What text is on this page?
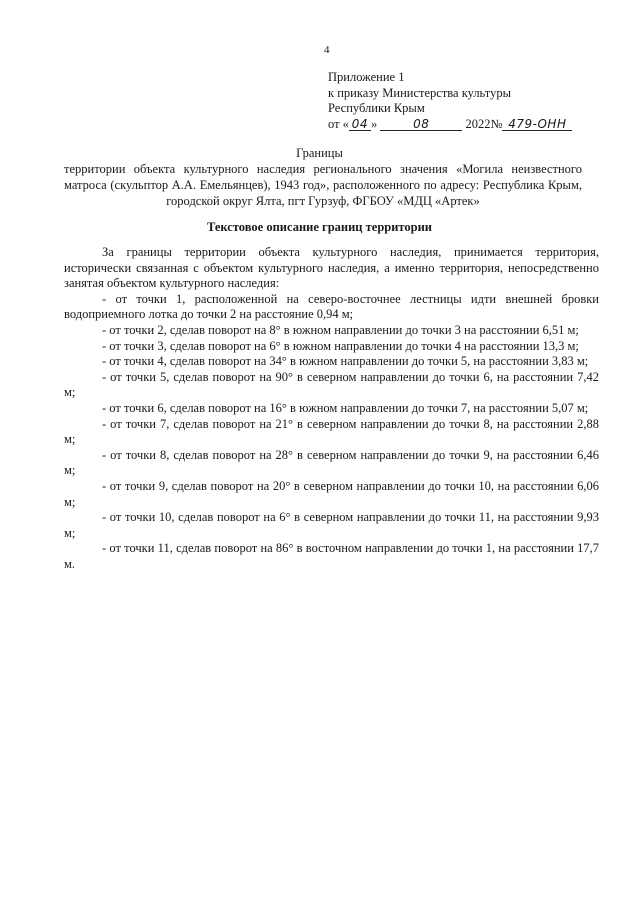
4
Приложение 1
к приказу Министерства культуры
Республики Крым
от « 04 »	08	2022№ 479-ОНН
Границы
территории объекта культурного наследия регионального значения «Могила неизвестного матроса (скульптор А.А. Емельянцев), 1943 год», расположенного по адресу: Республика Крым, городской округ Ялта, пгт Гурзуф, ФГБОУ «МДЦ «Артек»
Текстовое описание границ территории

За границы территории объекта культурного наследия, принимается территория, исторически связанная с объектом культурного наследия, а именно территория, непосредственно занятая объектом культурного наследия:

- от точки 1, расположенной на северо-восточнее лестницы идти внешней бровки водоприемного лотка до точки 2 на расстояние 0,94 м;

- от точки 2, сделав поворот на 8° в южном направлении до точки 3 на расстоянии 6,51 м;

- от точки 3, сделав поворот на 6° в южном направлении до точки 4 на расстоянии 13,3 м;

- от точки 4, сделав поворот на 34° в южном направлении до точки 5, на расстоянии 3,83 м;

- от точки 5, сделав поворот на 90° в северном направлении до точки 6, на расстоянии 7,42 м;

- от точки 6, сделав поворот на 16° в южном направлении до точки 7, на расстоянии 5,07 м;

- от точки 7, сделав поворот на 21° в северном направлении до точки 8, на расстоянии 2,88 м;

- от точки 8, сделав поворот на 28° в северном направлении до точки 9, на расстоянии 6,46 м;

- от точки 9, сделав поворот на 20° в северном направлении до точки 10, на расстоянии 6,06 м;

- от точки 10, сделав поворот на 6° в северном направлении до точки 11, на расстоянии 9,93 м;

- от точки 11, сделав поворот на 86° в восточном направлении до точки 1, на расстоянии 17,7 м.
